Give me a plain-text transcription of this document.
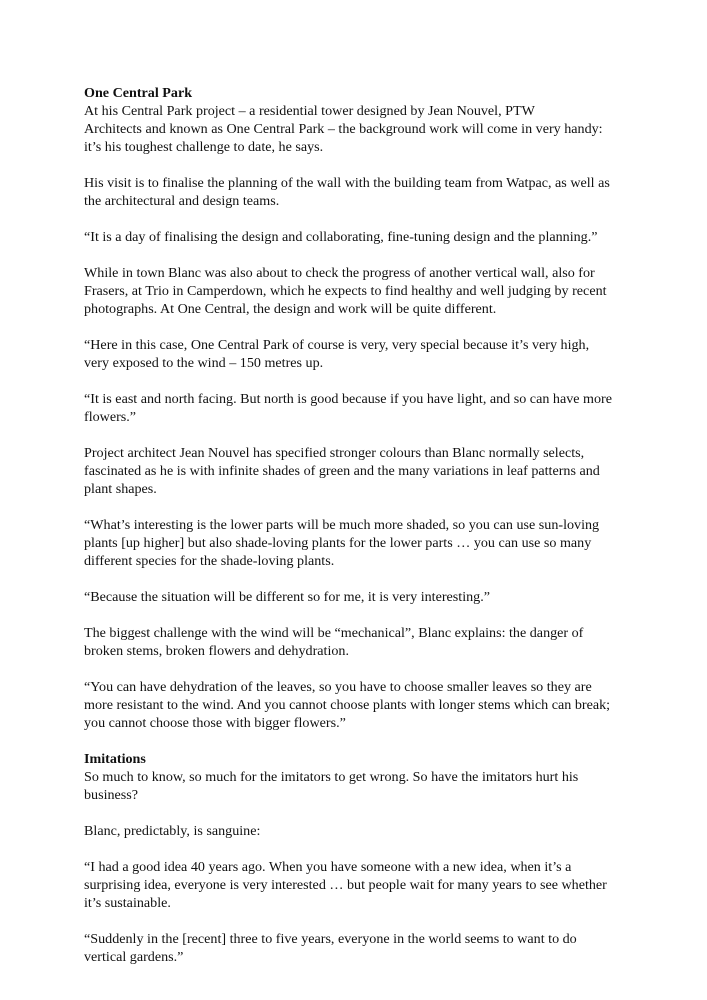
One Central Park

At his Central Park project – a residential tower designed by Jean Nouvel, PTW
Architects and known as One Central Park – the background work will come in very handy:
it’s his toughest challenge to date, he says.

His visit is to finalise the planning of the wall with the building team from Watpac, as well as
the architectural and design teams.

“It is a day of finalising the design and collaborating, fine-tuning design and the planning.”

While in town Blanc was also about to check the progress of another vertical wall, also for
Frasers, at Trio in Camperdown, which he expects to find healthy and well judging by recent
photographs. At One Central, the design and work will be quite different.

“Here in this case, One Central Park of course is very, very special because it’s very high,
very exposed to the wind – 150 metres up.

“It is east and north facing. But north is good because if you have light, and so can have more
flowers.”

Project architect Jean Nouvel has specified stronger colours than Blanc normally selects,
fascinated as he is with infinite shades of green and the many variations in leaf patterns and
plant shapes.

“What’s interesting is the lower parts will be much more shaded, so you can use sun-loving
plants [up higher] but also shade-loving plants for the lower parts … you can use so many
different species for the shade-loving plants.

“Because the situation will be different so for me, it is very interesting.”

The biggest challenge with the wind will be “mechanical”, Blanc explains: the danger of
broken stems, broken flowers and dehydration.

“You can have dehydration of the leaves, so you have to choose smaller leaves so they are
more resistant to the wind. And you cannot choose plants with longer stems which can break;
you cannot choose those with bigger flowers.”

Imitations

So much to know, so much for the imitators to get wrong. So have the imitators hurt his
business?

Blanc, predictably, is sanguine:

“I had a good idea 40 years ago. When you have someone with a new idea, when it’s a
surprising idea, everyone is very interested … but people wait for many years to see whether
it’s sustainable.

“Suddenly in the [recent] three to five years, everyone in the world seems to want to do
vertical gardens.”
